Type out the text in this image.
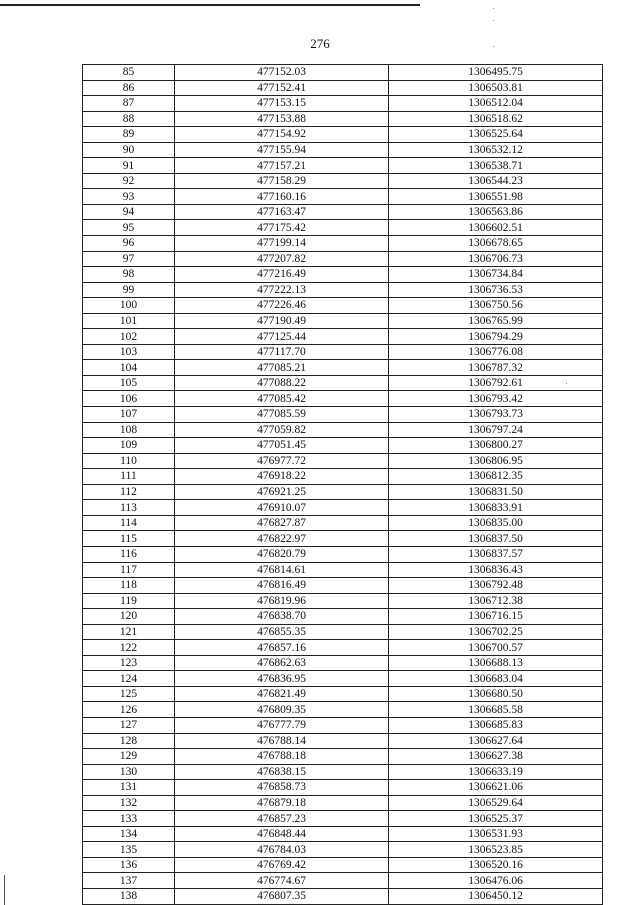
276
85	477152.03	1306495.75
86	477152.41	1306503.81
87	477153.15	1306512.04
88	477153.88	1306518.62
89	477154.92	1306525.64
90	477155.94	1306532.12
91	477157.21	1306538.71
92	477158.29	1306544.23
93	477160.16	1306551.98
94	477163.47	1306563.86
95	477175.42	1306602.51
96	477199.14	1306678.65
97	477207.82	1306706.73
98	477216.49	1306734.84
99	477222.13	1306736.53
100	477226.46	1306750.56
101	477190.49	1306765.99
102	477125.44	1306794.29
103	477117.70	1306776.08
104	477085.21	1306787.32
105	477088.22	1306792.61
106	477085.42	1306793.42
107	477085.59	1306793.73
108	477059.82	1306797.24
109	477051.45	1306800.27
110	476977.72	1306806.95
111	476918.22	1306812.35
112	476921.25	1306831.50
113	476910.07	1306833.91
114	476827.87	1306835.00
115	476822.97	1306837.50
116	476820.79	1306837.57
117	476814.61	1306836.43
118	476816.49	1306792.48
119	476819.96	1306712.38
120	476838.70	1306716.15
121	476855.35	1306702.25
122	476857.16	1306700.57
123	476862.63	1306688.13
124	476836.95	1306683.04
125	476821.49	1306680.50
126	476809.35	1306685.58
127	476777.79	1306685.83
128	476788.14	1306627.64
129	476788.18	1306627.38
130	476838.15	1306633.19
131	476858.73	1306621.06
132	476879.18	1306529.64
133	476857.23	1306525.37
134	476848.44	1306531.93
135	476784.03	1306523.85
136	476769.42	1306520.16
137	476774.67	1306476.06
138	476807.35	1306450.12
